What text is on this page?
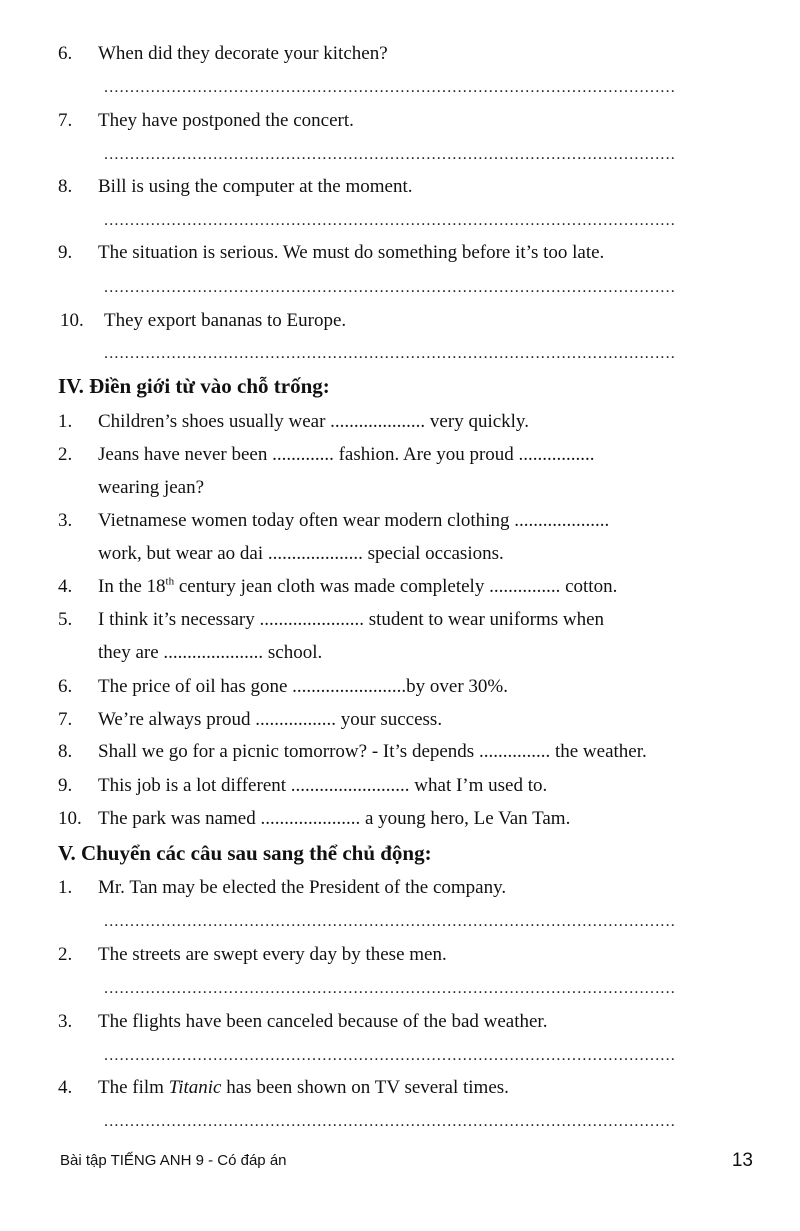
6. When did they decorate your kitchen?
..............................................................................................................
7. They have postponed the concert.
..............................................................................................................
8. Bill is using the computer at the moment.
..............................................................................................................
9. The situation is serious. We must do something before it’s too late.
..............................................................................................................
10. They export bananas to Europe.
..............................................................................................................
IV. Điền giới từ vào chỗ trống:
1. Children’s shoes usually wear .................... very quickly.
2. Jeans have never been ............. fashion. Are you proud ................
wearing jean?
3. Vietnamese women today often wear modern clothing ....................
work, but wear ao dai .................... special occasions.
4. In the 18th century jean cloth was made completely ............... cotton.
5. I think it’s necessary ...................... student to wear uniforms when
they are ..................... school.
6. The price of oil has gone ........................by over 30%.
7. We’re always proud ................. your success.
8. Shall we go for a picnic tomorrow? - It’s depends ............... the weather.
9. This job is a lot different ......................... what I’m used to.
10. The park was named ..................... a young hero, Le Van Tam.
V. Chuyển các câu sau sang thể chủ động:
1. Mr. Tan may be elected the President of the company.
..............................................................................................................
2. The streets are swept every day by these men.
..............................................................................................................
3. The flights have been canceled because of the bad weather.
..............................................................................................................
4. The film Titanic has been shown on TV several times.
..............................................................................................................
Bài tập TIẾNG ANH 9 - Có đáp án	13
